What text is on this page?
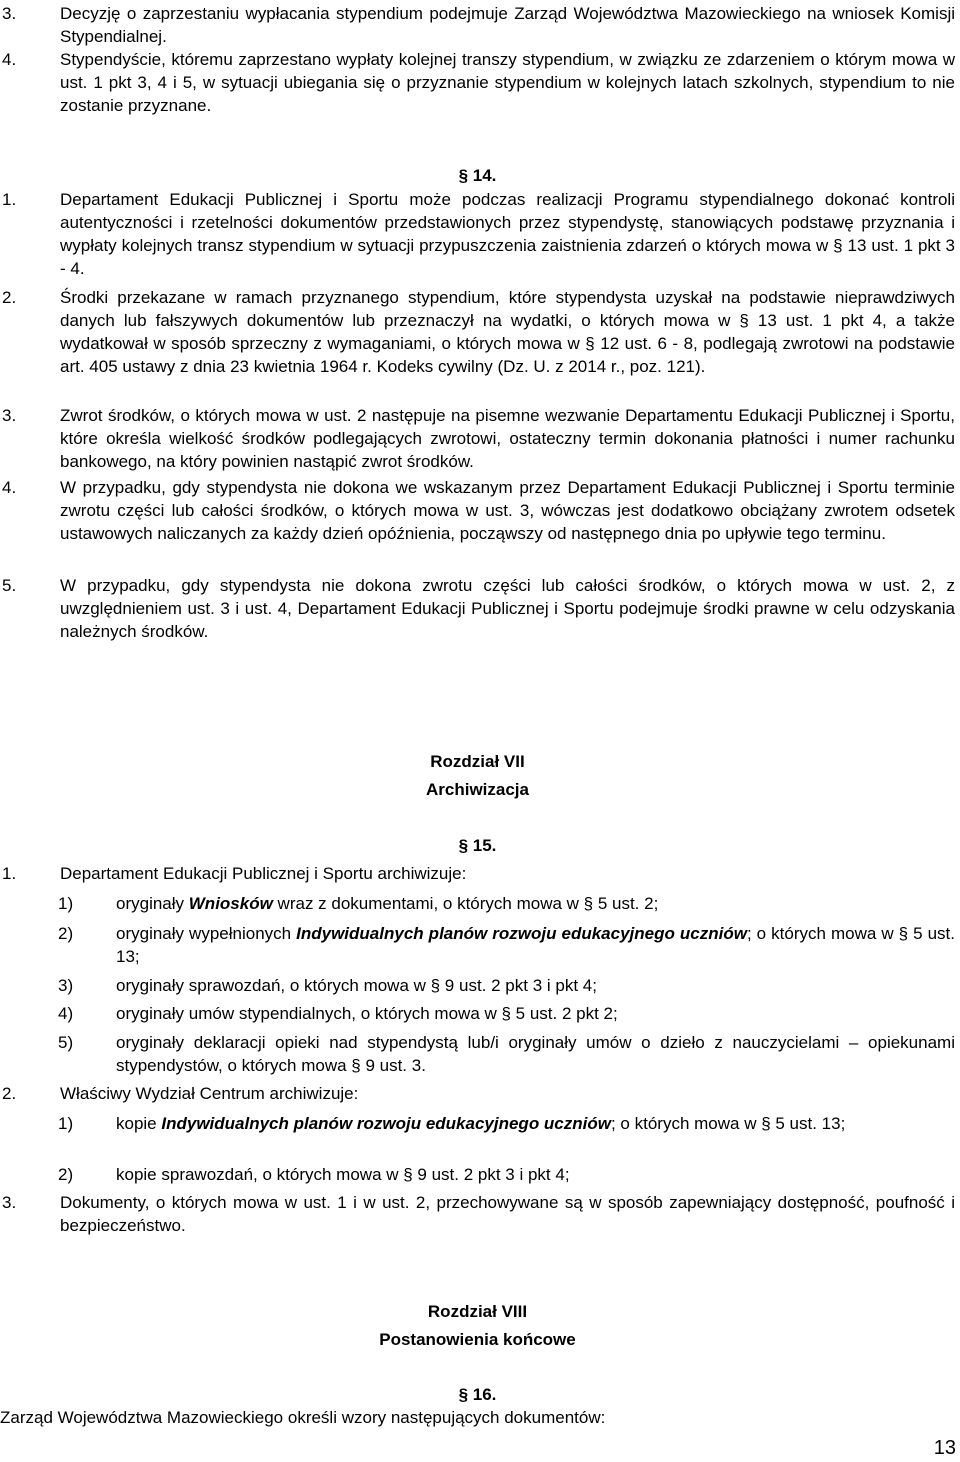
3.	Decyzję o zaprzestaniu wypłacania stypendium podejmuje Zarząd Województwa Mazowieckiego na wniosek Komisji Stypendialnej.
4.	Stypendyście, któremu zaprzestano wypłaty kolejnej transzy stypendium, w związku ze zdarzeniem o którym mowa w ust. 1 pkt 3, 4 i 5, w sytuacji ubiegania się o przyznanie stypendium w kolejnych latach szkolnych, stypendium to nie zostanie przyznane.
§ 14.
1.	Departament Edukacji Publicznej i Sportu może podczas realizacji Programu stypendialnego dokonać kontroli autentyczności i rzetelności dokumentów przedstawionych przez stypendystę, stanowiących podstawę przyznania i wypłaty kolejnych transz stypendium w sytuacji przypuszczenia zaistnienia zdarzeń o których mowa w § 13 ust. 1 pkt 3 - 4.
2.	Środki przekazane w ramach przyznanego stypendium, które stypendysta uzyskał na podstawie nieprawdziwych danych lub fałszywych dokumentów lub przeznaczył na wydatki, o których mowa w § 13 ust. 1 pkt 4, a także wydatkował w sposób sprzeczny z wymaganiami, o których mowa w § 12 ust. 6 - 8, podlegają zwrotowi na podstawie art. 405 ustawy z dnia 23 kwietnia 1964 r. Kodeks cywilny (Dz. U. z 2014 r., poz. 121).
3.	Zwrot środków, o których mowa w ust. 2 następuje na pisemne wezwanie Departamentu Edukacji Publicznej i Sportu, które określa wielkość środków podlegających zwrotowi, ostateczny termin dokonania płatności i numer rachunku bankowego, na który powinien nastąpić zwrot środków.
4.	W przypadku, gdy stypendysta nie dokona we wskazanym przez Departament Edukacji Publicznej i Sportu terminie zwrotu części lub całości środków, o których mowa w ust. 3, wówczas jest dodatkowo obciążany zwrotem odsetek ustawowych naliczanych za każdy dzień opóźnienia, począwszy od następnego dnia po upływie tego terminu.
5.	W przypadku, gdy stypendysta nie dokona zwrotu części lub całości środków, o których mowa w ust. 2, z uwzględnieniem ust. 3 i ust. 4, Departament Edukacji Publicznej i Sportu podejmuje środki prawne w celu odzyskania należnych środków.
Rozdział VII
Archiwizacja
§ 15.
1.	Departament Edukacji Publicznej i Sportu archiwizuje:
1)	oryginały Wniosków wraz z dokumentami, o których mowa w § 5 ust. 2;
2)	oryginały wypełnionych Indywidualnych planów rozwoju edukacyjnego uczniów; o których mowa w § 5 ust. 13;
3)	oryginały sprawozdań, o których mowa w § 9 ust. 2 pkt 3 i pkt 4;
4)	oryginały umów stypendialnych, o których mowa w § 5 ust. 2 pkt 2;
5)	oryginały deklaracji opieki nad stypendystą lub/i oryginały umów o dzieło z nauczycielami – opiekunami stypendystów, o których mowa § 9 ust. 3.
2.	Właściwy Wydział Centrum archiwizuje:
1)	kopie Indywidualnych planów rozwoju edukacyjnego uczniów; o których mowa w § 5 ust. 13;
2)	kopie sprawozdań, o których mowa w § 9 ust. 2 pkt 3 i pkt 4;
3.	Dokumenty, o których mowa w ust. 1 i w ust. 2, przechowywane są w sposób zapewniający dostępność, poufność i bezpieczeństwo.
Rozdział VIII
Postanowienia końcowe
§ 16.
Zarząd Województwa Mazowieckiego określi wzory następujących dokumentów:
13
